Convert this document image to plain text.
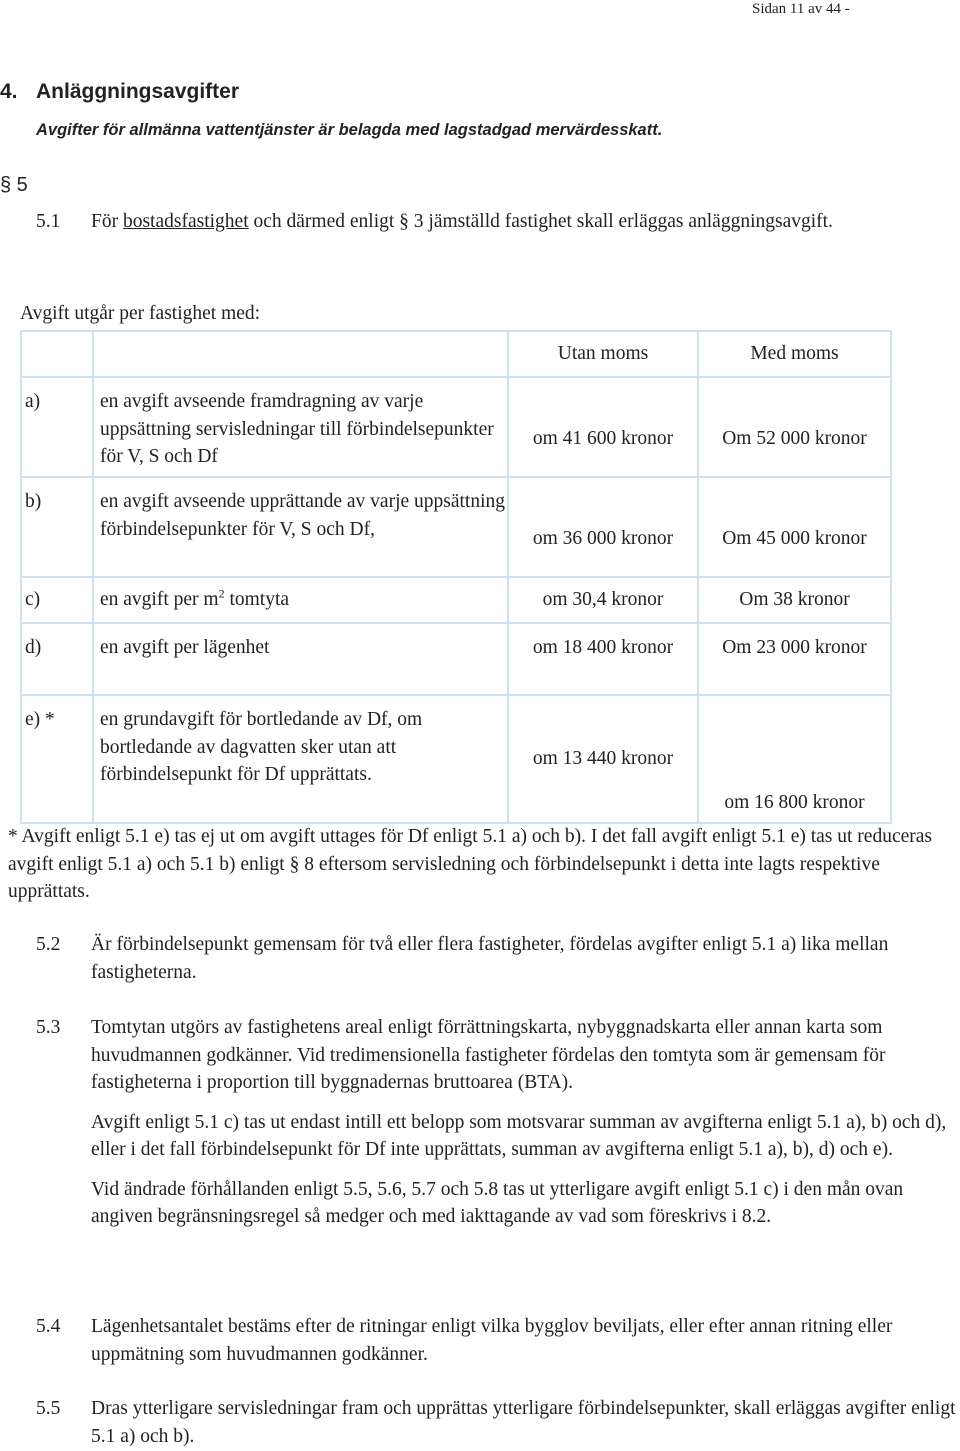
Sidan 11 av 44 -
4. Anläggningsavgifter
Avgifter för allmänna vattentjänster är belagda med lagstadgad mervärdesskatt.
§ 5
5.1 För bostadsfastighet och därmed enligt § 3 jämställd fastighet skall erläggas anläggningsavgift.
Avgift utgår per fastighet med:
		Utan moms	Med moms
a)	en avgift avseende framdragning av varje uppsättning servisledningar till förbindelsepunkter för V, S och Df	om 41 600 kronor	Om 52 000 kronor
b)	en avgift avseende upprättande av varje uppsättning förbindelsepunkter för V, S och Df,	om 36 000 kronor	Om 45 000 kronor
c)	en avgift per $m^2$ tomtyta	om 30,4 kronor	Om 38 kronor
d)	en avgift per lägenhet	om 18 400 kronor	Om 23 000 kronor
e) *	en grundavgift för bortledande av Df, om bortledande av dagvatten sker utan att förbindelsepunkt för Df upprättats.	om 13 440 kronor	om 16 800 kronor
* Avgift enligt 5.1 e) tas ej ut om avgift uttages för Df enligt 5.1 a) och b). I det fall avgift enligt 5.1 e) tas ut reduceras avgift enligt 5.1 a) och 5.1 b) enligt § 8 eftersom servisledning och förbindelsepunkt i detta inte lagts respektive upprättats.
5.2 Är förbindelsepunkt gemensam för två eller flera fastigheter, fördelas avgifter enligt 5.1 a) lika mellan fastigheterna.
5.3 Tomtytan utgörs av fastighetens areal enligt förrättningskarta, nybyggnadskarta eller annan karta som huvudmannen godkänner. Vid tredimensionella fastigheter fördelas den tomtyta som är gemensam för fastigheterna i proportion till byggnadernas bruttoarea (BTA).
Avgift enligt 5.1 c) tas ut endast intill ett belopp som motsvarar summan av avgifterna enligt 5.1 a), b) och d), eller i det fall förbindelsepunkt för Df inte upprättats, summan av avgifterna enligt 5.1 a), b), d) och e).
Vid ändrade förhållanden enligt 5.5, 5.6, 5.7 och 5.8 tas ut ytterligare avgift enligt 5.1 c) i den mån ovan angiven begränsningsregel så medger och med iakttagande av vad som föreskrivs i 8.2.
5.4 Lägenhetsantalet bestäms efter de ritningar enligt vilka bygglov beviljats, eller efter annan ritning eller uppmätning som huvudmannen godkänner.
5.5 Dras ytterligare servisledningar fram och upprättas ytterligare förbindelsepunkter, skall erläggas avgifter enligt 5.1 a) och b).
